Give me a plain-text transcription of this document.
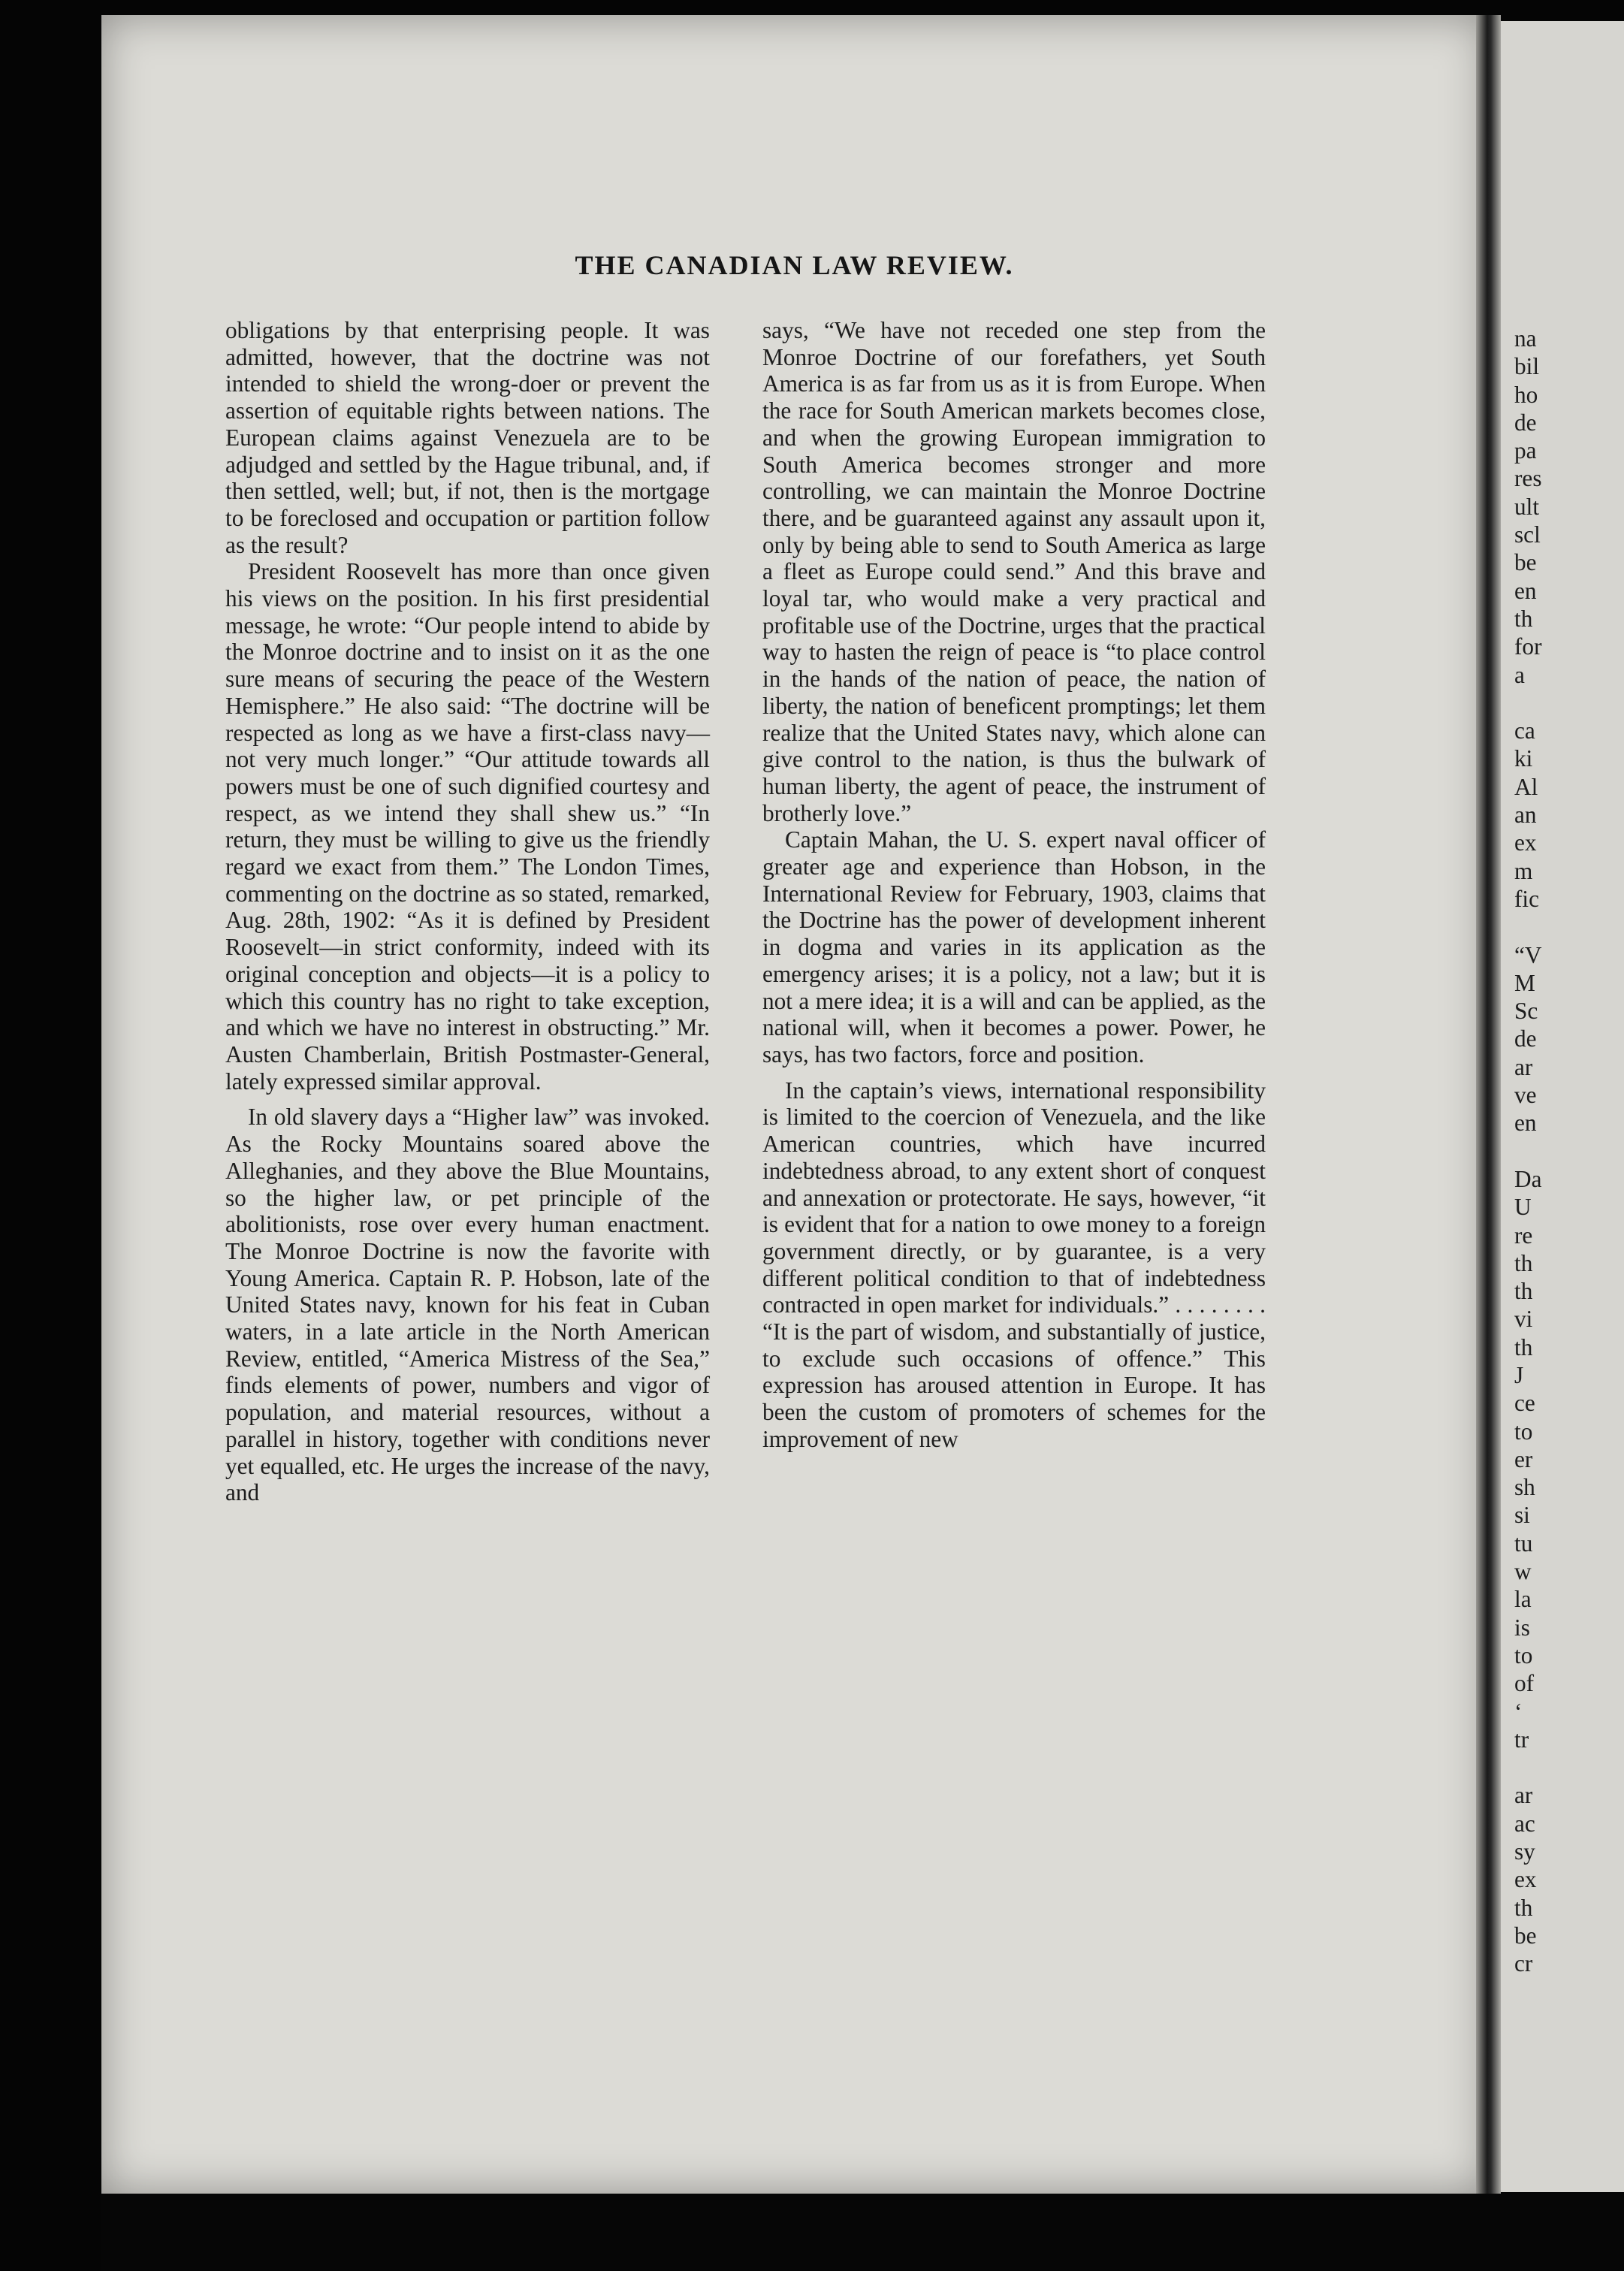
THE CANADIAN LAW REVIEW.

obligations by that enterprising people. It was admitted, however, that the doctrine was not intended to shield the wrong-doer or prevent the assertion of equitable rights between nations. The European claims against Venezuela are to be adjudged and settled by the Hague tribunal, and, if then settled, well; but, if not, then is the mortgage to be foreclosed and occupation or partition follow as the result?

President Roosevelt has more than once given his views on the position. In his first presidential message, he wrote: “Our people intend to abide by the Monroe doctrine and to insist on it as the one sure means of securing the peace of the Western Hemisphere.” He also said: “The doctrine will be respected as long as we have a first-class navy—not very much longer.” “Our attitude towards all powers must be one of such dignified courtesy and respect, as we intend they shall shew us.” “In return, they must be willing to give us the friendly regard we exact from them.” The London Times, commenting on the doctrine as so stated, remarked, Aug. 28th, 1902: “As it is defined by President Roosevelt—in strict conformity, indeed with its original conception and objects—it is a policy to which this country has no right to take exception, and which we have no interest in obstructing.” Mr. Austen Chamberlain, British Postmaster-General, lately expressed similar approval.

In old slavery days a “Higher law” was invoked. As the Rocky Mountains soared above the Alleghanies, and they above the Blue Mountains, so the higher law, or pet principle of the abolitionists, rose over every human enactment. The Monroe Doctrine is now the favorite with Young America. Captain R. P. Hobson, late of the United States navy, known for his feat in Cuban waters, in a late article in the North American Review, entitled, “America Mistress of the Sea,” finds elements of power, numbers and vigor of population, and material resources, without a parallel in history, together with conditions never yet equalled, etc. He urges the increase of the navy, and

says, “We have not receded one step from the Monroe Doctrine of our forefathers, yet South America is as far from us as it is from Europe. When the race for South American markets becomes close, and when the growing European immigration to South America becomes stronger and more controlling, we can maintain the Monroe Doctrine there, and be guaranteed against any assault upon it, only by being able to send to South America as large a fleet as Europe could send.” And this brave and loyal tar, who would make a very practical and profitable use of the Doctrine, urges that the practical way to hasten the reign of peace is “to place control in the hands of the nation of peace, the nation of liberty, the nation of beneficent promptings; let them realize that the United States navy, which alone can give control to the nation, is thus the bulwark of human liberty, the agent of peace, the instrument of brotherly love.”

Captain Mahan, the U. S. expert naval officer of greater age and experience than Hobson, in the International Review for February, 1903, claims that the Doctrine has the power of development inherent in dogma and varies in its application as the emergency arises; it is a policy, not a law; but it is not a mere idea; it is a will and can be applied, as the national will, when it becomes a power. Power, he says, has two factors, force and position.

In the captain’s views, international responsibility is limited to the coercion of Venezuela, and the like American countries, which have incurred indebtedness abroad, to any extent short of conquest and annexation or protectorate. He says, however, “it is evident that for a nation to owe money to a foreign government directly, or by guarantee, is a very different political condition to that of indebtedness contracted in open market for individuals.” . . . . . . . . “It is the part of wisdom, and substantially of justice, to exclude such occasions of offence.” This expression has aroused attention in Europe. It has been the custom of promoters of schemes for the improvement of new

na
bil
ho
de
pa
res
ult
scl
be
en
th
for
a
ca
ki
Al
an
ex
m
fic
“V
M
Sc
de
ar
ve
en
Da
U
re
th
th
vi
th
J
ce
to
er
sh
si
tu
w
la
is
to
of
‘
tr
ar
ac
sy
ex
th
be
cr
